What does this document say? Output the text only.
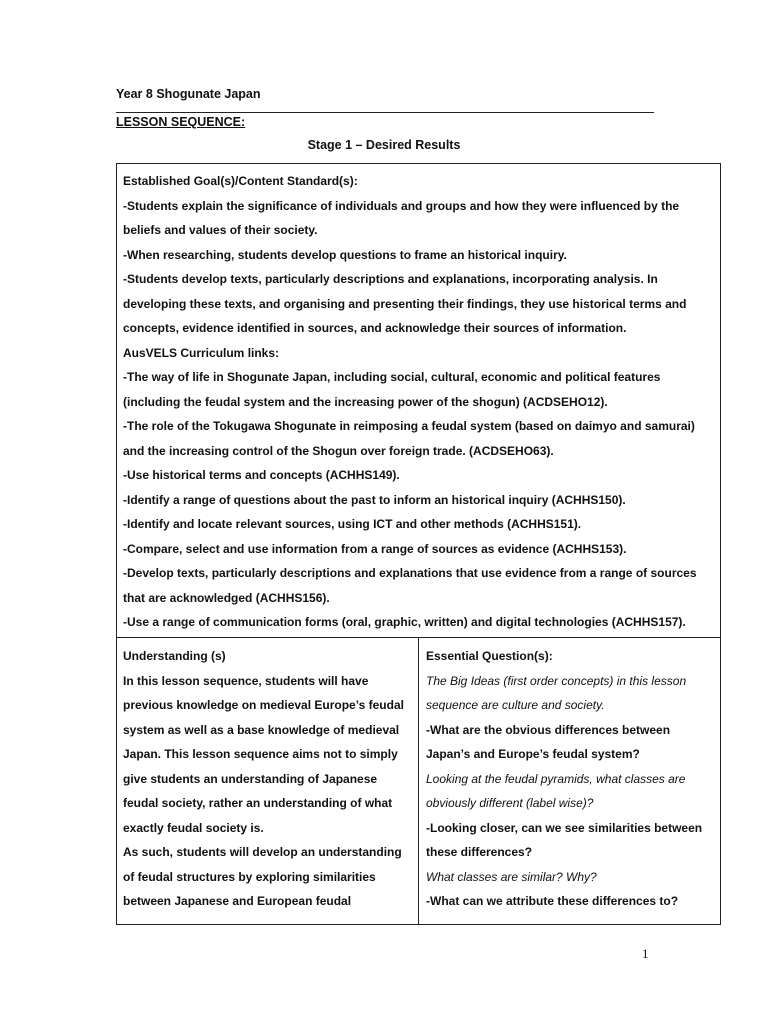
Year 8 Shogunate Japan
LESSON SEQUENCE:
Stage 1 – Desired Results
Established Goal(s)/Content Standard(s):
-Students explain the significance of individuals and groups and how they were influenced by the
beliefs and values of their society.
-When researching, students develop questions to frame an historical inquiry.
-Students develop texts, particularly descriptions and explanations, incorporating analysis. In
developing these texts, and organising and presenting their findings, they use historical terms and
concepts, evidence identified in sources, and acknowledge their sources of information.
AusVELS Curriculum links:
-The way of life in Shogunate Japan, including social, cultural, economic and political features
(including the feudal system and the increasing power of the shogun) (ACDSEHO12).
-The role of the Tokugawa Shogunate in reimposing a feudal system (based on daimyo and samurai)
and the increasing control of the Shogun over foreign trade. (ACDSEHO63).
-Use historical terms and concepts (ACHHS149).
-Identify a range of questions about the past to inform an historical inquiry (ACHHS150).
-Identify and locate relevant sources, using ICT and other methods (ACHHS151).
-Compare, select and use information from a range of sources as evidence (ACHHS153).
-Develop texts, particularly descriptions and explanations that use evidence from a range of sources
that are acknowledged (ACHHS156).
-Use a range of communication forms (oral, graphic, written) and digital technologies (ACHHS157).
Understanding (s)
In this lesson sequence, students will have
previous knowledge on medieval Europe’s feudal
system as well as a base knowledge of medieval
Japan. This lesson sequence aims not to simply
give students an understanding of Japanese
feudal society, rather an understanding of what
exactly feudal society is.
As such, students will develop an understanding
of feudal structures by exploring similarities
between Japanese and European feudal
Essential Question(s):
The Big Ideas (first order concepts) in this lesson
sequence are culture and society.
-What are the obvious differences between
Japan’s and Europe’s feudal system?
Looking at the feudal pyramids, what classes are
obviously different (label wise)?
-Looking closer, can we see similarities between
these differences?
What classes are similar? Why?
-What can we attribute these differences to?
1
